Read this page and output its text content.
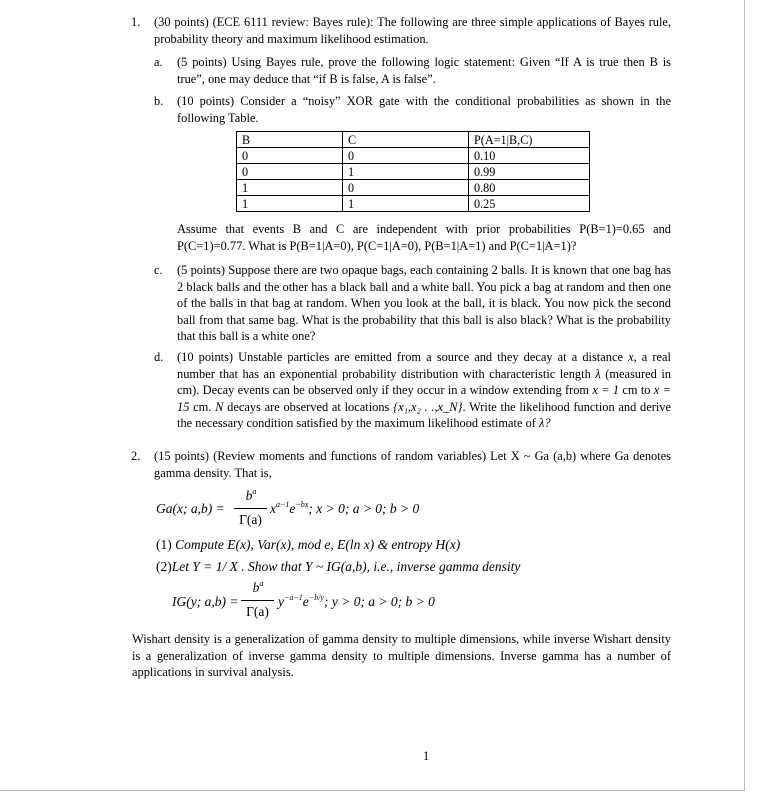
1. (30 points) (ECE 6111 review: Bayes rule): The following are three simple applications of Bayes rule, probability theory and maximum likelihood estimation.
a. (5 points) Using Bayes rule, prove the following logic statement: Given “If A is true then B is true”, one may deduce that “if B is false, A is false”.
b. (10 points) Consider a “noisy” XOR gate with the conditional probabilities as shown in the following Table.
B	C	P(A=1|B,C)
0	0	0.10
0	1	0.99
1	0	0.80
1	1	0.25
Assume that events B and C are independent with prior probabilities P(B=1)=0.65 and P(C=1)=0.77. What is P(B=1|A=0), P(C=1|A=0), P(B=1|A=1) and P(C=1|A=1)?
c. (5 points) Suppose there are two opaque bags, each containing 2 balls. It is known that one bag has 2 black balls and the other has a black ball and a white ball. You pick a bag at random and then one of the balls in that bag at random. When you look at the ball, it is black. You now pick the second ball from that same bag. What is the probability that this ball is also black? What is the probability that this ball is a white one?
d. (10 points) Unstable particles are emitted from a source and they decay at a distance x, a real number that has an exponential probability distribution with characteristic length λ (measured in cm). Decay events can be observed only if they occur in a window extending from x = 1 cm to x = 15 cm. N decays are observed at locations {x₁,x₂ . .,x_N}. Write the likelihood function and derive the necessary condition satisfied by the maximum likelihood estimate of λ?
2. (15 points) (Review moments and functions of random variables) Let X ~ Ga (a,b) where Ga denotes gamma density. That is,
Ga(x; a,b) =
$b^a$
Γ(a)
$x^{a-1}e^{-bx}$; x > 0; a > 0; b > 0
(1) Compute E(x), Var(x), mod e, E(ln x) & entropy H(x)
(2)Let Y = 1/ X . Show that Y ~ IG(a,b), i.e., inverse gamma density
IG(y; a,b) =
$b^a$
Γ(a)
$y^{-a-1}e^{-b/y}$; y > 0; a > 0; b > 0
Wishart density is a generalization of gamma density to multiple dimensions, while inverse Wishart density is a generalization of inverse gamma density to multiple dimensions. Inverse gamma has a number of applications in survival analysis.
1
